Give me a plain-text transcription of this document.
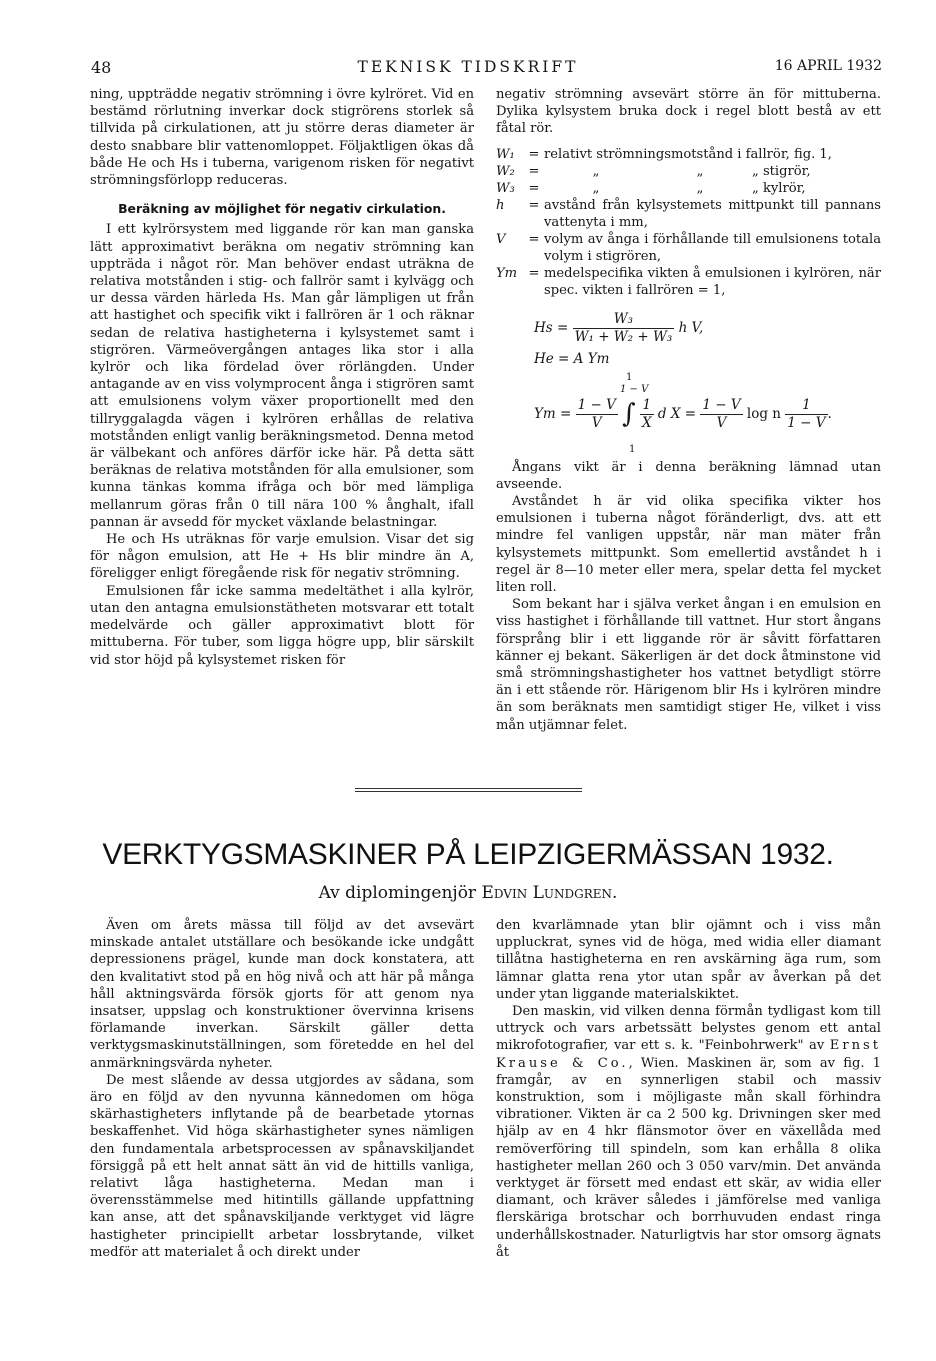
48	TEKNISK TIDSKRIFT	16 APRIL 1932

ning, uppträdde negativ strömning i övre kylröret. Vid en bestämd rörlutning inverkar dock stigrörens storlek så tillvida på cirkulationen, att ju större deras diameter är desto snabbare blir vattenomloppet. Följaktligen ökas då både He och Hs i tuberna, varigenom risken för negativt strömningsförlopp reduceras.

Beräkning av möjlighet för negativ cirkulation.

I ett kylrörsystem med liggande rör kan man ganska lätt approximativt beräkna om negativ strömning kan uppträda i något rör. Man behöver endast uträkna de relativa motstånden i stig- och fallrör samt i kylvägg och ur dessa värden härleda Hs. Man går lämpligen ut från att hastighet och specifik vikt i fallrören är 1 och räknar sedan de relativa hastigheterna i kylsystemet samt i stigrören. Värmeövergången antages lika stor i alla kylrör och lika fördelad över rörlängden. Under antagande av en viss volymprocent ånga i stigrören samt att emulsionens volym växer proportionellt med den tillryggalagda vägen i kylrören erhållas de relativa motstånden enligt vanlig beräkningsmetod. Denna metod är välbekant och anföres därför icke här. På detta sätt beräknas de relativa motstånden för alla emulsioner, som kunna tänkas komma ifråga och bör med lämpliga mellanrum göras från 0 till nära 100 % ånghalt, ifall pannan är avsedd för mycket växlande belastningar.

He och Hs uträknas för varje emulsion. Visar det sig för någon emulsion, att He + Hs blir mindre än A, föreligger enligt föregående risk för negativ strömning.

Emulsionen får icke samma medeltäthet i alla kylrör, utan den antagna emulsionstätheten motsvarar ett totalt medelvärde och gäller approximativt blott för mittuberna. För tuber, som ligga högre upp, blir särskilt vid stor höjd på kylsystemet risken för

negativ strömning avsevärt större än för mittuberna. Dylika kylsystem bruka dock i regel blott bestå av ett fåtal rör.

W₁	=	relativt strömningsmotstånd i fallrör, fig. 1,
W₂	=	„ „ „ stigrör,
W₃	=	„ „ „ kylrör,
h	=	avstånd från kylsystemets mittpunkt till pannans vattenyta i mm,
V	=	volym av ånga i förhållande till emulsionens totala volym i stigrören,
Ym	=	medelspecifika vikten å emulsionen i kylrören, när spec. vikten i fallrören = 1,
$Hs = \frac{\text{W₃}}{\text{W₁ + W₂ + W₃}}$ h V,
He = A Ym
1
1 − V
$Ym = \frac{1 - V}{V}$ ∫ $\frac{1}{X}$ d $X = \frac{1 - V}{V}$ log n $\frac{1}{1 - V}$ .
1

Ångans vikt är i denna beräkning lämnad utan avseende.

Avståndet h är vid olika specifika vikter hos emulsionen i tuberna något föränderligt, dvs. att ett mindre fel vanligen uppstår, när man mäter från kylsystemets mittpunkt. Som emellertid avståndet h i regel är 8—10 meter eller mera, spelar detta fel mycket liten roll.

Som bekant har i själva verket ångan i en emulsion en viss hastighet i förhållande till vattnet. Hur stort ångans försprång blir i ett liggande rör är såvitt författaren känner ej bekant. Säkerligen är det dock åtminstone vid små strömningshastigheter hos vattnet betydligt större än i ett stående rör. Härigenom blir Hs i kylrören mindre än som beräknats men samtidigt stiger He, vilket i viss mån utjämnar felet.

VERKTYGSMASKINER PÅ LEIPZIGERMÄSSAN 1932.
Av diplomingenjör Edvin Lundgren.

Även om årets mässa till följd av det avsevärt minskade antalet utställare och besökande icke undgått depressionens prägel, kunde man dock konstatera, att den kvalitativt stod på en hög nivå och att här på många håll aktningsvärda försök gjorts för att genom nya insatser, uppslag och konstruktioner övervinna krisens förlamande inverkan. Särskilt gäller detta verktygsmaskinutställningen, som företedde en hel del anmärkningsvärda nyheter.

De mest slående av dessa utgjordes av sådana, som äro en följd av den nyvunna kännedomen om höga skärhastigheters inflytande på de bearbetade ytornas beskaffenhet. Vid höga skärhastigheter synes nämligen den fundamentala arbetsprocessen av spånavskiljandet försiggå på ett helt annat sätt än vid de hittills vanliga, relativt låga hastigheterna. Medan man i överensstämmelse med hitintills gällande uppfattning kan anse, att det spånavskiljande verktyget vid lägre hastigheter principiellt arbetar lossbrytande, vilket medför att materialet å och direkt under

den kvarlämnade ytan blir ojämnt och i viss mån uppluckrat, synes vid de höga, med widia eller diamant tillåtna hastigheterna en ren avskärning äga rum, som lämnar glatta rena ytor utan spår av åverkan på det under ytan liggande materialskiktet.

Den maskin, vid vilken denna förmån tydligast kom till uttryck och vars arbetssätt belystes genom ett antal mikrofotografier, var ett s. k. "Feinbohrwerk" av Ernst Krause & Co., Wien. Maskinen är, som av fig. 1 framgår, av en synnerligen stabil och massiv konstruktion, som i möjligaste mån skall förhindra vibrationer. Vikten är ca 2 500 kg. Drivningen sker med hjälp av en 4 hkr flänsmotor över en växellåda med remöverföring till spindeln, som kan erhålla 8 olika hastigheter mellan 260 och 3 050 varv/min. Det använda verktyget är försett med endast ett skär, av widia eller diamant, och kräver således i jämförelse med vanliga flerskäriga brotschar och borrhuvuden endast ringa underhållskostnader. Naturligtvis har stor omsorg ägnats åt
